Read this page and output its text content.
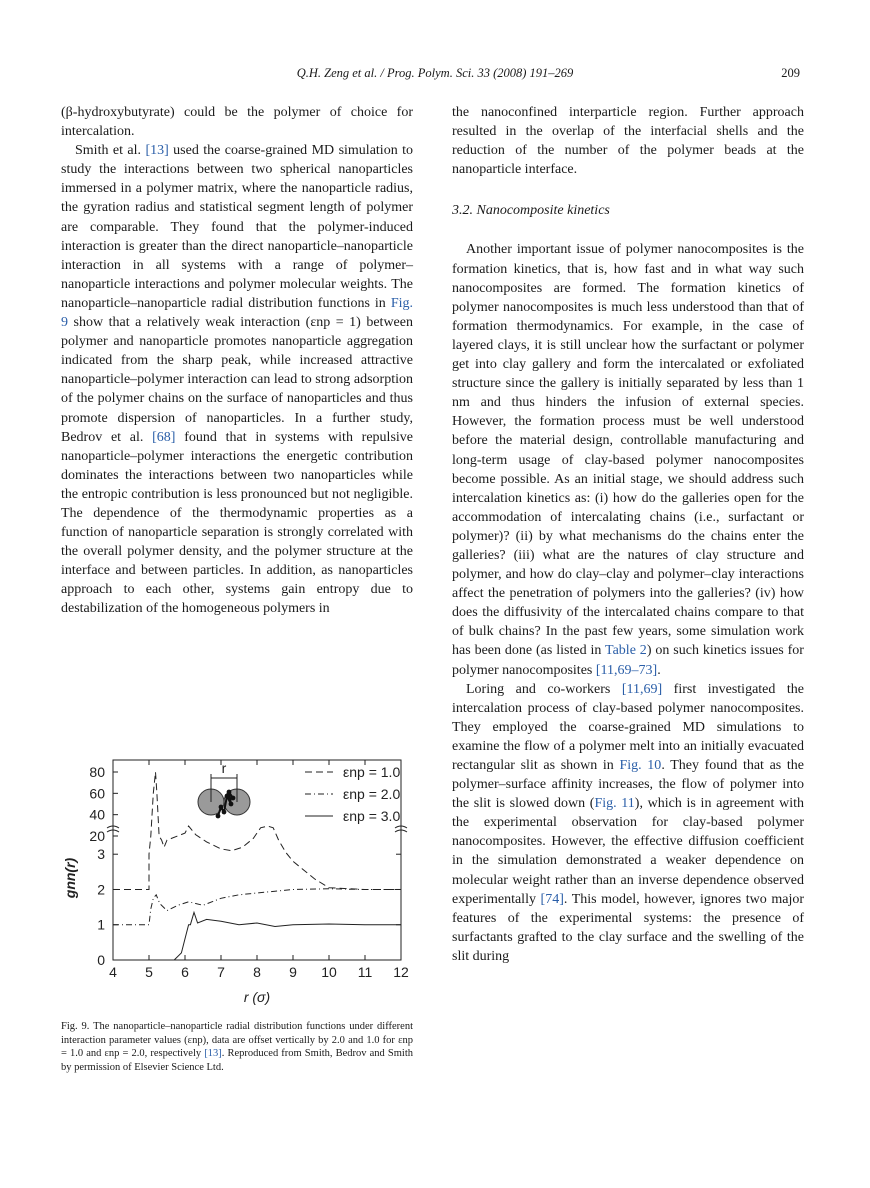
Q.H. Zeng et al. / Prog. Polym. Sci. 33 (2008) 191–269	209

(β-hydroxybutyrate) could be the polymer of choice for intercalation.

Smith et al. [13] used the coarse-grained MD simulation to study the interactions between two spherical nanoparticles immersed in a polymer matrix, where the nanoparticle radius, the gyration radius and statistical segment length of polymer are comparable. They found that the polymer-induced interaction is greater than the direct nanoparticle–nanoparticle interaction in all systems with a range of polymer–nanoparticle interactions and polymer molecular weights. The nanoparticle–nanoparticle radial distribution functions in Fig. 9 show that a relatively weak interaction (εnp = 1) between polymer and nanoparticle promotes nanoparticle aggregation indicated from the sharp peak, while increased attractive nanoparticle–polymer interaction can lead to strong adsorption of the polymer chains on the surface of nanoparticles and thus promote dispersion of nanoparticles. In a further study, Bedrov et al. [68] found that in systems with repulsive nanoparticle–polymer interactions the energetic contribution dominates the interactions between two nanoparticles while the entropic contribution is less pronounced but not negligible. The dependence of the thermodynamic properties as a function of nanoparticle separation is strongly correlated with the overall polymer density, and the polymer structure at the interface and between particles. In addition, as nanoparticles approach to each other, systems gain entropy due to destabilization of the homogeneous polymers in

4 5 6 7 8 9 10 11 12
0
1
2
3
20
40
60
80	εnp = 1.0
εnp = 2.0
εnp = 3.0
r
r (σ)
gnn(r)
Fig. 9. The nanoparticle–nanoparticle radial distribution functions under different interaction parameter values (εnp), data are offset vertically by 2.0 and 1.0 for εnp = 1.0 and εnp = 2.0, respectively [13]. Reproduced from Smith, Bedrov and Smith by permission of Elsevier Science Ltd.

the nanoconfined interparticle region. Further approach resulted in the overlap of the interfacial shells and the reduction of the number of the polymer beads at the nanoparticle interface.

3.2. Nanocomposite kinetics

Another important issue of polymer nanocomposites is the formation kinetics, that is, how fast and in what way such nanocomposites are formed. The formation kinetics of polymer nanocomposites is much less understood than that of formation thermodynamics. For example, in the case of layered clays, it is still unclear how the surfactant or polymer get into clay gallery and form the intercalated or exfoliated structure since the gallery is initially separated by less than 1 nm and thus hinders the infusion of external species. However, the formation process must be well understood before the material design, controllable manufacturing and long-term usage of clay-based polymer nanocomposites become possible. As an initial stage, we should address such intercalation kinetics as: (i) how do the galleries open for the accommodation of intercalating chains (i.e., surfactant or polymer)? (ii) by what mechanisms do the chains enter the galleries? (iii) what are the natures of clay structure and polymer, and how do clay–clay and polymer–clay interactions affect the penetration of polymers into the galleries? (iv) how does the diffusivity of the intercalated chains compare to that of bulk chains? In the past few years, some simulation work has been done (as listed in Table 2) on such kinetics issues for polymer nanocomposites [11,69–73].

Loring and co-workers [11,69] first investigated the intercalation process of clay-based polymer nanocomposites. They employed the coarse-grained MD simulations to examine the flow of a polymer melt into an initially evacuated rectangular slit as shown in Fig. 10. They found that as the polymer–surface affinity increases, the flow of polymer into the slit is slowed down (Fig. 11), which is in agreement with the experimental observation for clay-based polymer nanocomposites. However, the effective diffusion coefficient in the simulation demonstrated a weaker dependence on molecular weight rather than an inverse dependence observed experimentally [74]. This model, however, ignores two major features of the experimental systems: the presence of surfactants grafted to the clay surface and the swelling of the slit during
